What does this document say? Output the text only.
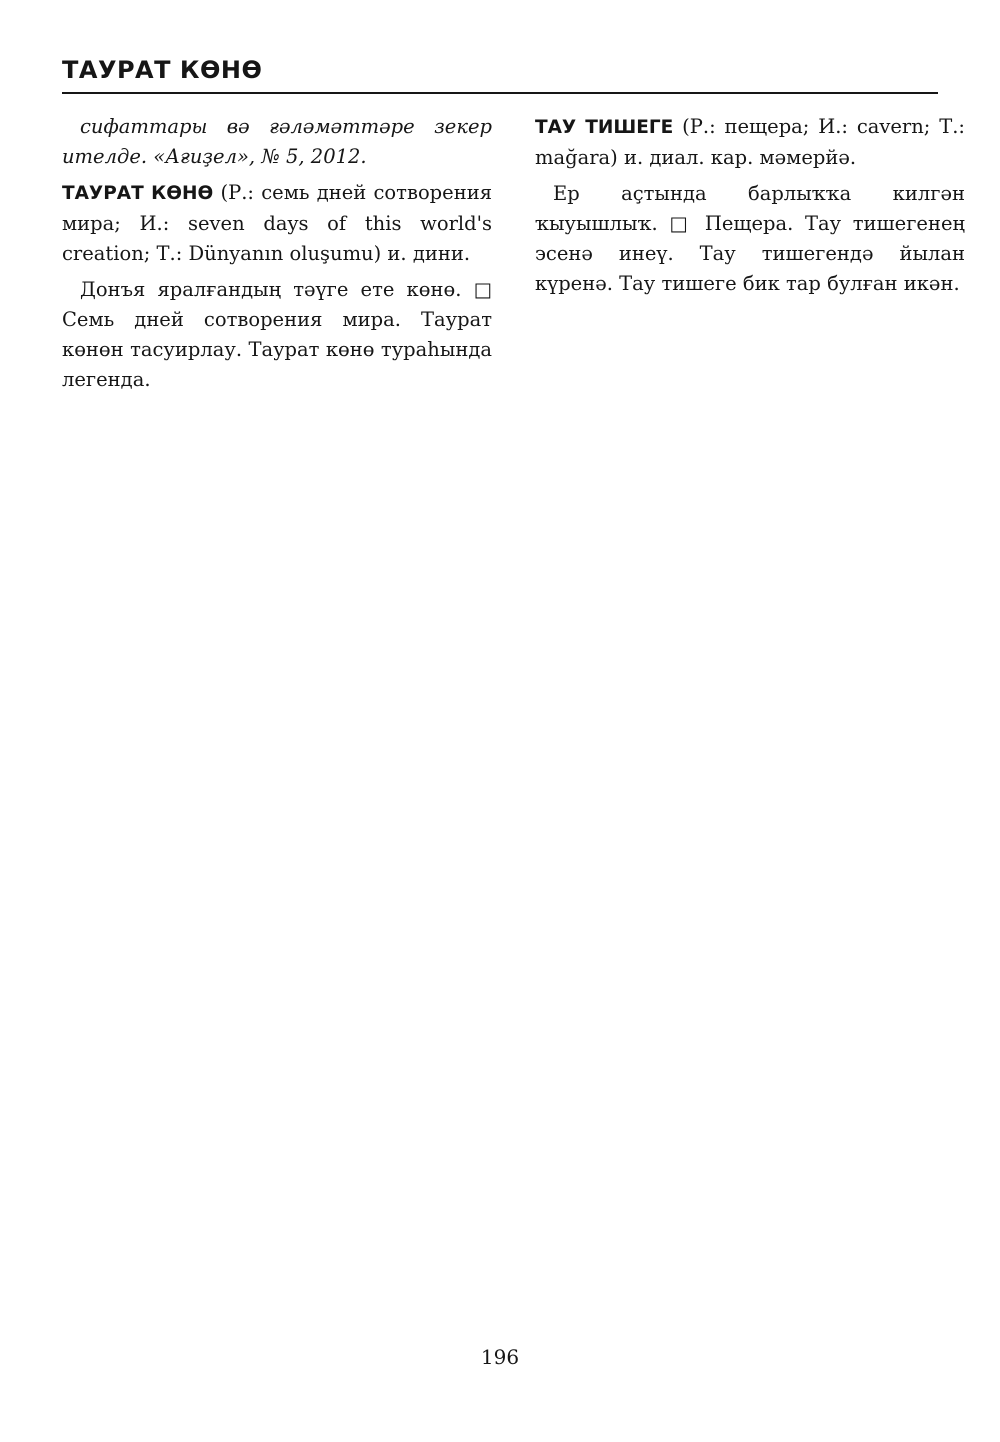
ТАУРАТ КӨНӨ

сифаттары вә ғәләмәттәре зекер ителде. «Ағиҙел», № 5, 2012.

ТАУРАТ КӨНӨ (Р.: семь дней сотворения мира; И.: seven days of this world's creation; Т.: Dünyanın oluşumu) и. дини.

Донъя яралғандың тәүге ете көнө. □ Семь дней сотворения мира. Таурат көнөн тасуирлау. Таурат көнө тураһында легенда.

ТАУ ТИШЕГЕ (Р.: пещера; И.: cavern; Т.: mağara) и. диал. кар. мәмерйә.

Ер аҫтында барлыҡҡа килгән ҡыуышлыҡ. □ Пещера. Тау тишегенең эсенә инеү. Тау тишегендә йылан күренә. Тау тишеге бик тар булған икән.

196
